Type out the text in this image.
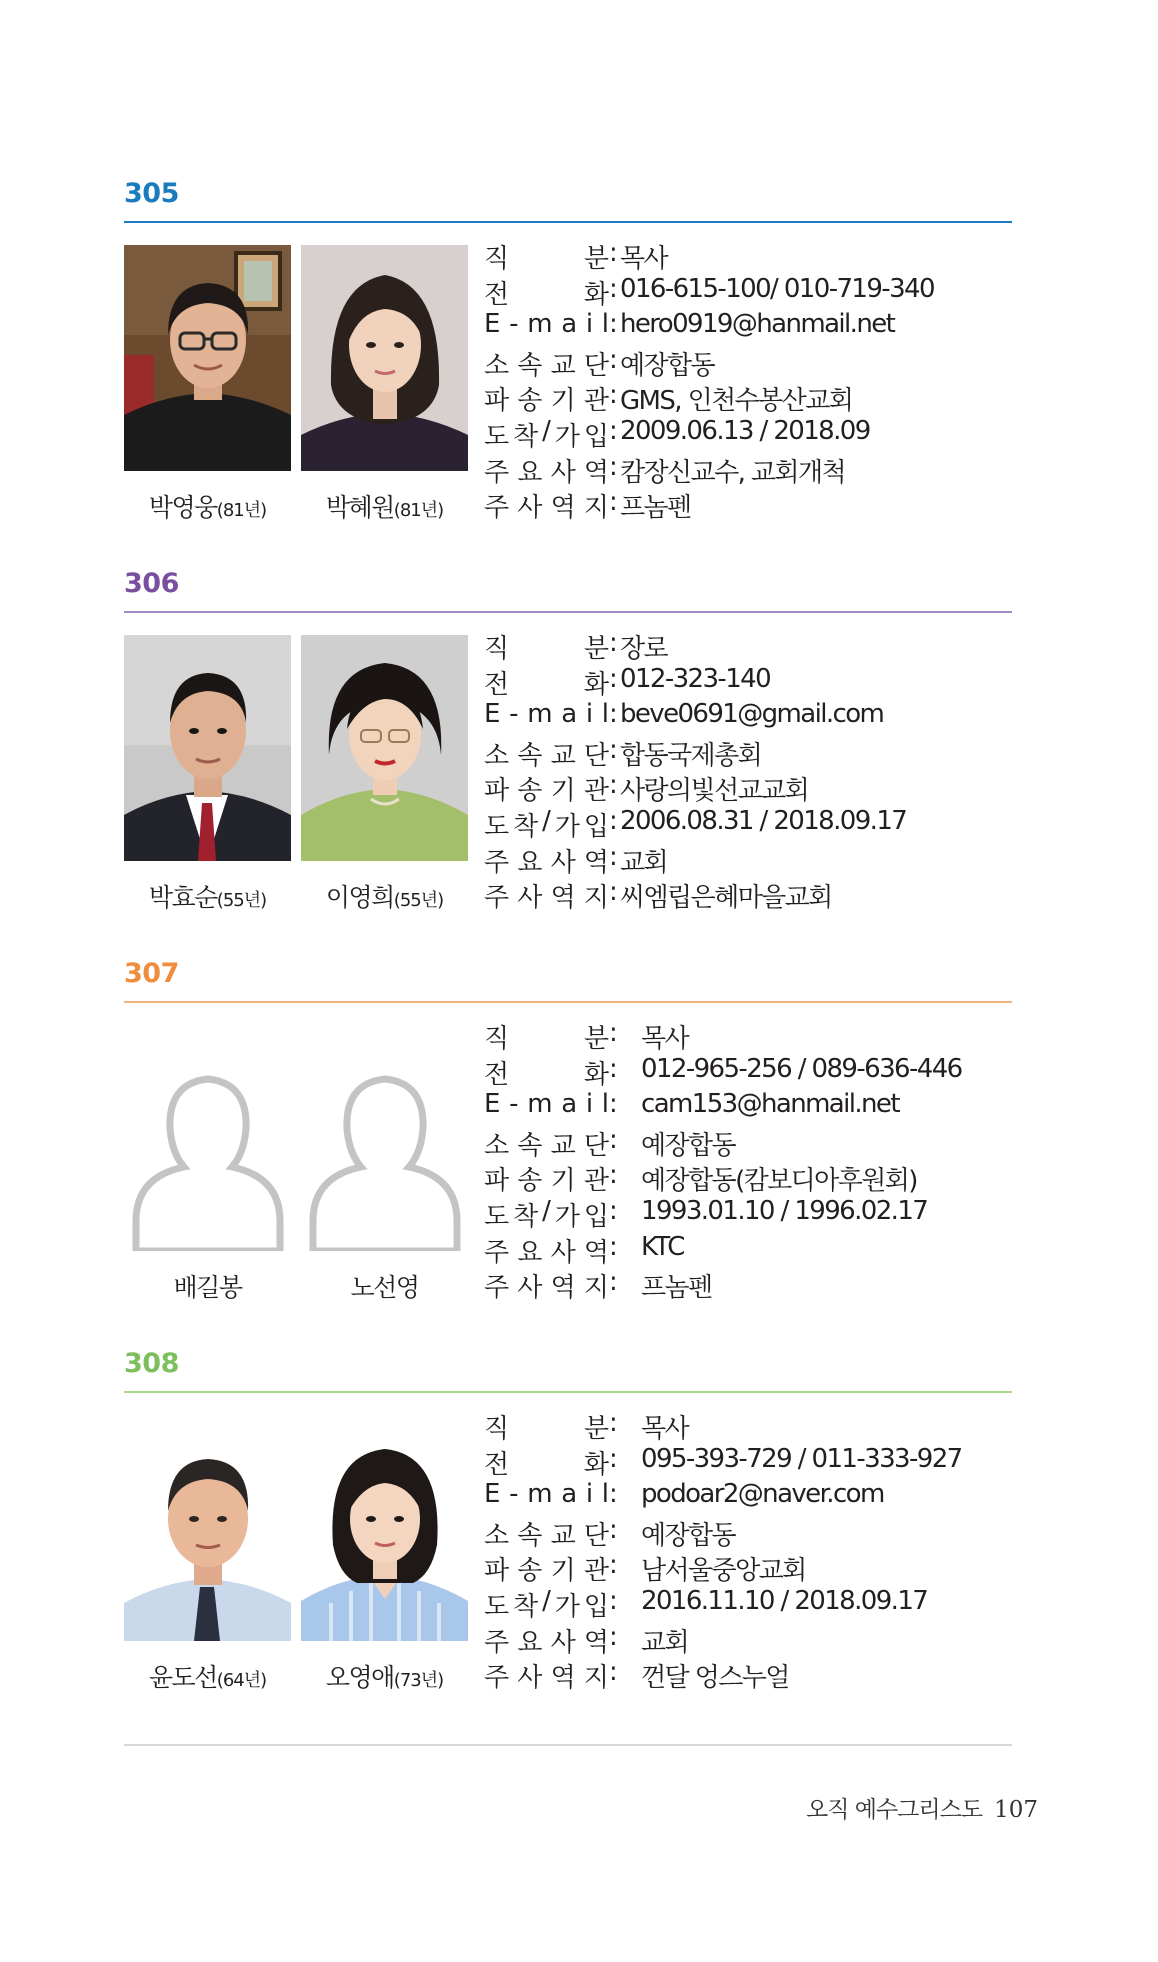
305
박영웅(81년)	박혜원(81년)
직	분 : 목사
전	화 : 016-615-100/ 010-719-340
E - m a i l : hero0919@hanmail.net
소 속 교 단 : 예장합동
파 송 기 관 : GMS, 인천수봉산교회
도 착 / 가 입 : 2009.06.13 / 2018.09
주 요 사 역 : 캄장신교수, 교회개척
주 사 역 지 : 프놈펜
306
박효순(55년)	이영희(55년)
직	분 : 장로
전	화 : 012-323-140
E - m a i l : beve0691@gmail.com
소 속 교 단 : 합동국제총회
파 송 기 관 : 사랑의빛선교교회
도 착 / 가 입 : 2006.08.31 / 2018.09.17
주 요 사 역 : 교회
주 사 역 지 : 씨엠립은혜마을교회
307
배길봉	노선영
직	분 : 목사
전	화 : 012-965-256 / 089-636-446
E - m a i l : cam153@hanmail.net
소 속 교 단 : 예장합동
파 송 기 관 : 예장합동(캄보디아후원회)
도 착 / 가 입 : 1993.01.10 / 1996.02.17
주 요 사 역 : KTC
주 사 역 지 : 프놈펜
308
윤도선(64년)	오영애(73년)
직	분 : 목사
전	화 : 095-393-729 / 011-333-927
E - m a i l : podoar2@naver.com
소 속 교 단 : 예장합동
파 송 기 관 : 남서울중앙교회
도 착 / 가 입 : 2016.11.10 / 2018.09.17
주 요 사 역 : 교회
주 사 역 지 : 껀달 엉스누얼
오직 예수그리스도 107
